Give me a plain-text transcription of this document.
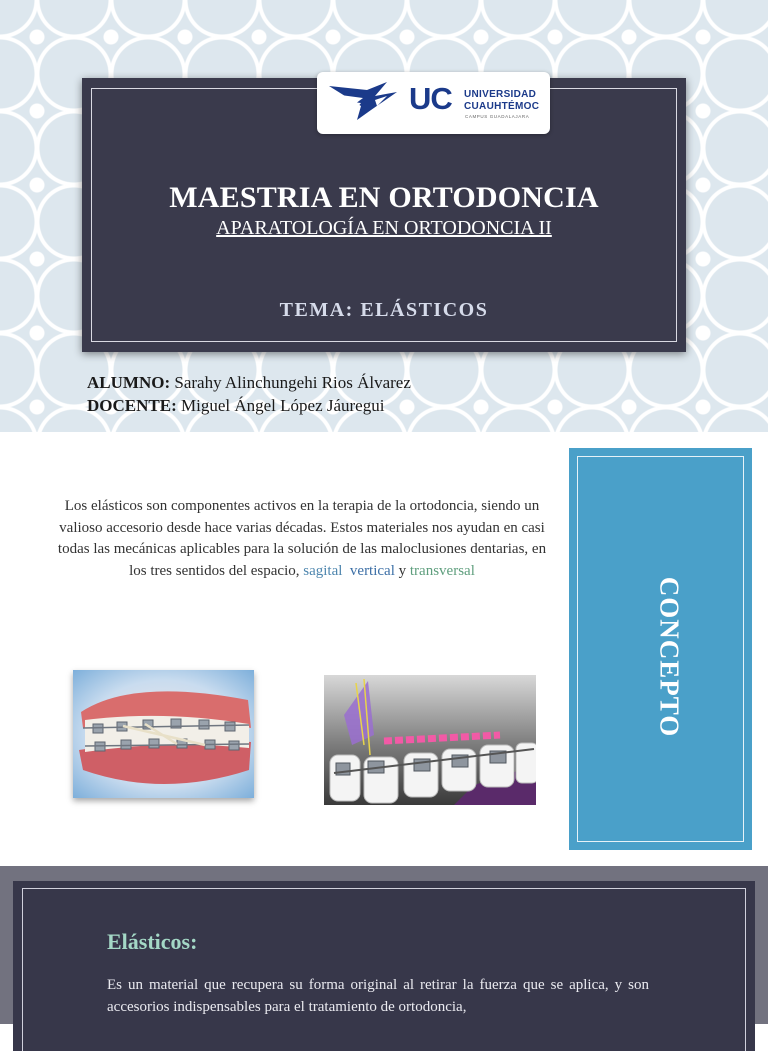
UC UNIVERSIDAD
CUAUHTÉMOC
CAMPUS GUADALAJARA
MAESTRIA EN ORTODONCIA
APARATOLOGÍA EN ORTODONCIA II
TEMA: ELÁSTICOS
ALUMNO: Sarahy Alinchungehi Rios Álvarez
DOCENTE: Miguel Ángel López Jáuregui
Los elásticos son componentes activos en la terapia de la ortodoncia, siendo un valioso accesorio desde hace varias décadas. Estos materiales nos ayudan en casi todas las mecánicas aplicables para la solución de las maloclusiones dentarias, en los tres sentidos del espacio, sagital vertical y transversal
CONCEPTO
Elásticos:
Es un material que recupera su forma original al retirar la fuerza que se aplica, y son accesorios indispensables para el tratamiento de ortodoncia,
